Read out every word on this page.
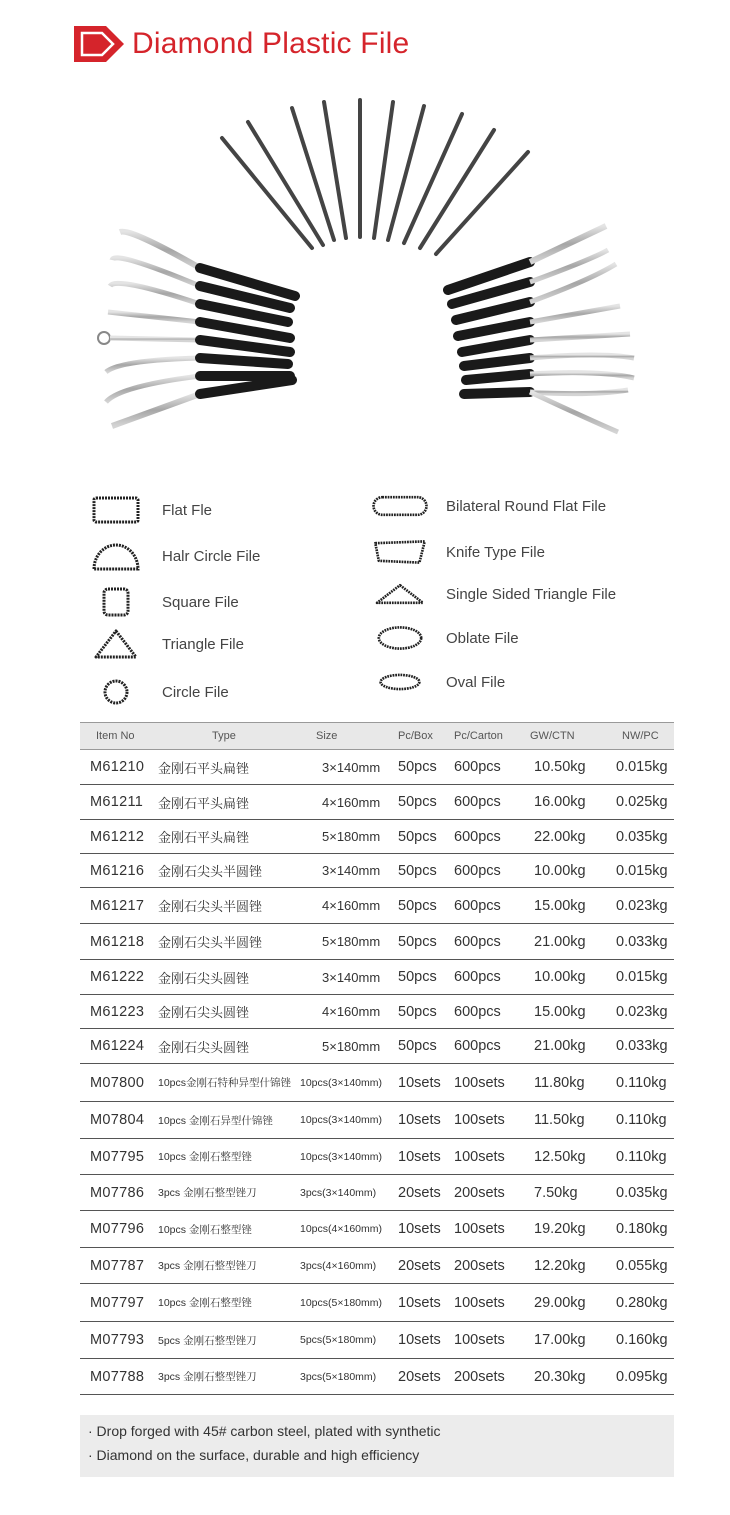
Diamond Plastic File
Flat Fle
Halr Circle File
Square File
Triangle File
Circle File
Bilateral Round Flat File
Knife Type File
Single Sided Triangle File
Oblate File
Oval File
Item No	Type	Size	Pc/Box	Pc/Carton	GW/CTN	NW/PC
M61210	金刚石平头扁锉	3×140mm	50pcs	600pcs	10.50kg	0.015kg
M61211	金刚石平头扁锉	4×160mm	50pcs	600pcs	16.00kg	0.025kg
M61212	金刚石平头扁锉	5×180mm	50pcs	600pcs	22.00kg	0.035kg
M61216	金刚石尖头半圆锉	3×140mm	50pcs	600pcs	10.00kg	0.015kg
M61217	金刚石尖头半圆锉	4×160mm	50pcs	600pcs	15.00kg	0.023kg
M61218	金刚石尖头半圆锉	5×180mm	50pcs	600pcs	21.00kg	0.033kg
M61222	金刚石尖头圆锉	3×140mm	50pcs	600pcs	10.00kg	0.015kg
M61223	金刚石尖头圆锉	4×160mm	50pcs	600pcs	15.00kg	0.023kg
M61224	金刚石尖头圆锉	5×180mm	50pcs	600pcs	21.00kg	0.033kg
M07800	10pcs金刚石特种异型什锦锉	10pcs(3×140mm)	10sets	100sets	11.80kg	0.110kg
M07804	10pcs 金刚石异型什锦锉	10pcs(3×140mm)	10sets	100sets	11.50kg	0.110kg
M07795	10pcs 金刚石整型锉	10pcs(3×140mm)	10sets	100sets	12.50kg	0.110kg
M07786	3pcs 金刚石整型锉刀	3pcs(3×140mm)	20sets	200sets	7.50kg	0.035kg
M07796	10pcs 金刚石整型锉	10pcs(4×160mm)	10sets	100sets	19.20kg	0.180kg
M07787	3pcs 金刚石整型锉刀	3pcs(4×160mm)	20sets	200sets	12.20kg	0.055kg
M07797	10pcs 金刚石整型锉	10pcs(5×180mm)	10sets	100sets	29.00kg	0.280kg
M07793	5pcs 金刚石整型锉刀	5pcs(5×180mm)	10sets	100sets	17.00kg	0.160kg
M07788	3pcs 金刚石整型锉刀	3pcs(5×180mm)	20sets	200sets	20.30kg	0.095kg
· Drop forged with 45# carbon steel, plated with synthetic
· Diamond on the surface, durable and high efficiency
